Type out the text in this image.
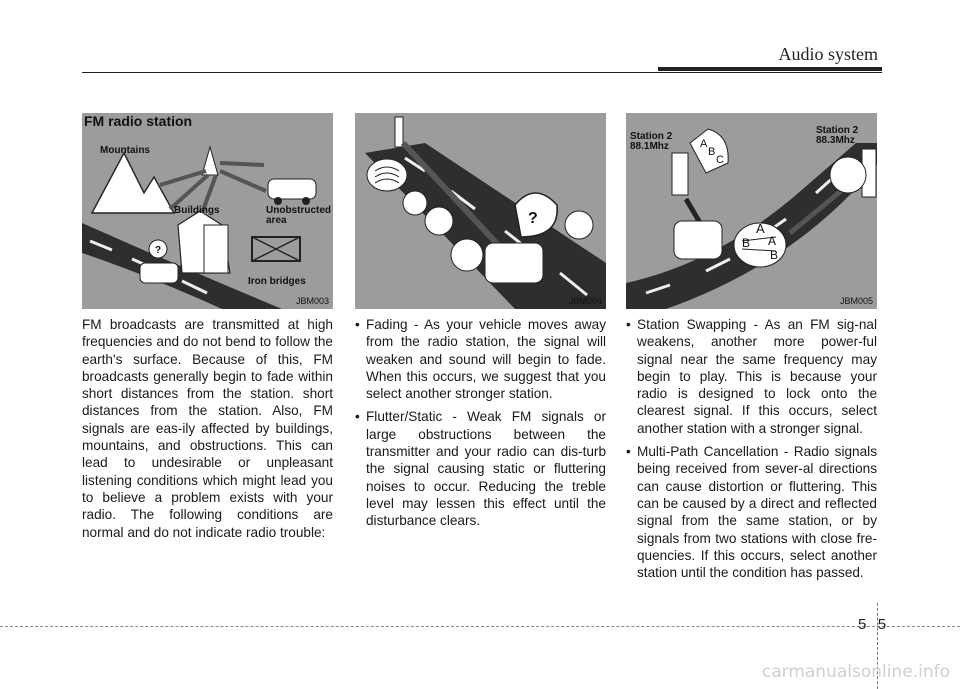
Audio system
?
Mountains
Buildings	Unobstructed
area
Iron bridges
FM radio station
JBM003
?
JBM004
Station 2
88.1Mhz
Station 2
88.3Mhz
A
B
C
A
B A
B
JBM005

FM broadcasts are transmitted at high frequencies and do not bend to follow the earth's surface. Because of this, FM broadcasts generally begin to fade within short distances from the station. short distances from the station. Also, FM signals are eas-ily affected by buildings, mountains, and obstructions. This can lead to undesirable or unpleasant listening conditions which might lead you to believe a problem exists with your radio. The following conditions are normal and do not indicate radio trouble:

• Fading - As your vehicle moves away from the radio station, the signal will weaken and sound will begin to fade. When this occurs, we suggest that you select another stronger station.
• Flutter/Static - Weak FM signals or large obstructions between the transmitter and your radio can dis-turb the signal causing static or fluttering noises to occur. Reducing the treble level may lessen this effect until the disturbance clears.
• Station Swapping - As an FM sig-nal weakens, another more power-ful signal near the same frequency may begin to play. This is because your radio is designed to lock onto the clearest signal. If this occurs, select another station with a stronger signal.
• Multi-Path Cancellation - Radio signals being received from sever-al directions can cause distortion or fluttering. This can be caused by a direct and reflected signal from the same station, or by signals from two stations with close fre-quencies. If this occurs, select another station until the condition has passed.
5 5
carmanualsonline.info
